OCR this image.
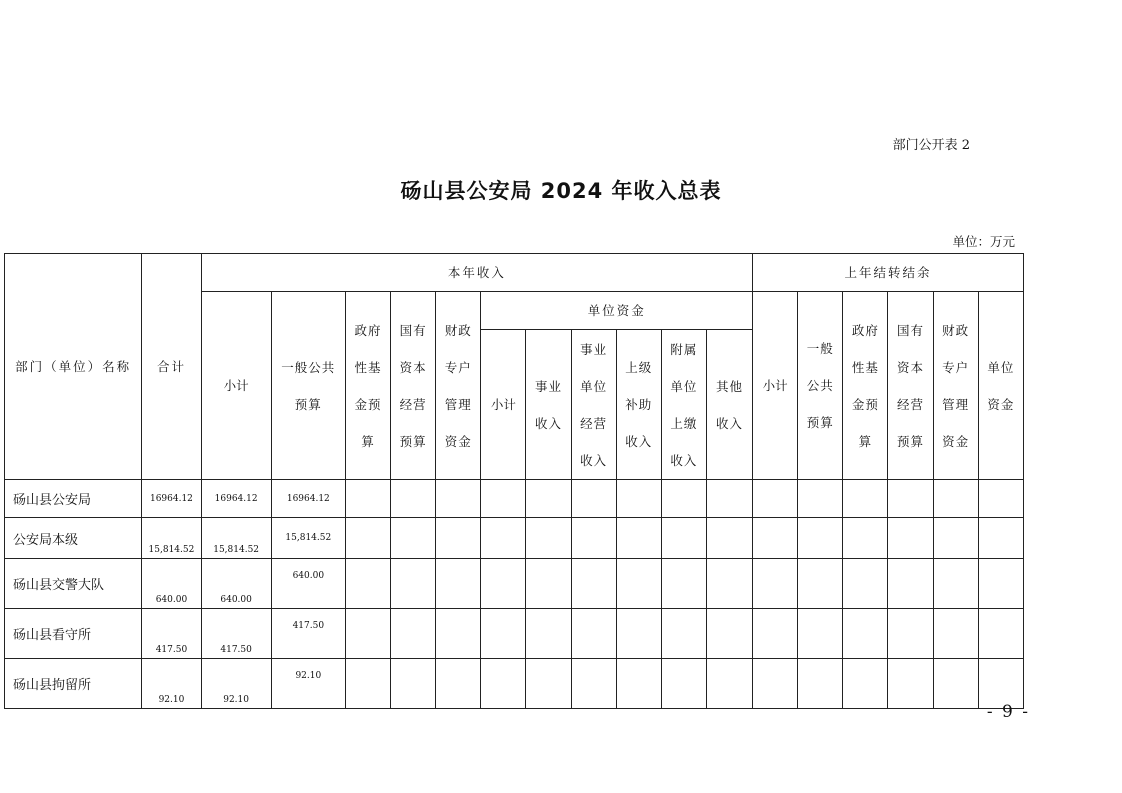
部门公开表 2
砀山县公安局 2024 年收入总表
单位：万元
部门（单位）名称	合计	本年收入											上年结转结余					
		小计	一般公共预算	政府性基金预算	国有资本经营预算	财政专户管理资金	单位资金						小计	一般公共预算	政府性基金预算	国有资本经营预算	财政专户管理资金	单位资金

							小计	事业收入	事业单位经营收入	上级补助收入	附属单位上缴收入	其他收入						

砀山县公安局	16964.12	16964.12	16964.12															
公安局本级	15,814.52	15,814.52	15,814.52															
砀山县交警大队	640.00	640.00	640.00															
砀山县看守所	417.50	417.50	417.50															
砀山县拘留所	92.10	92.10	92.10															
- 9 -
